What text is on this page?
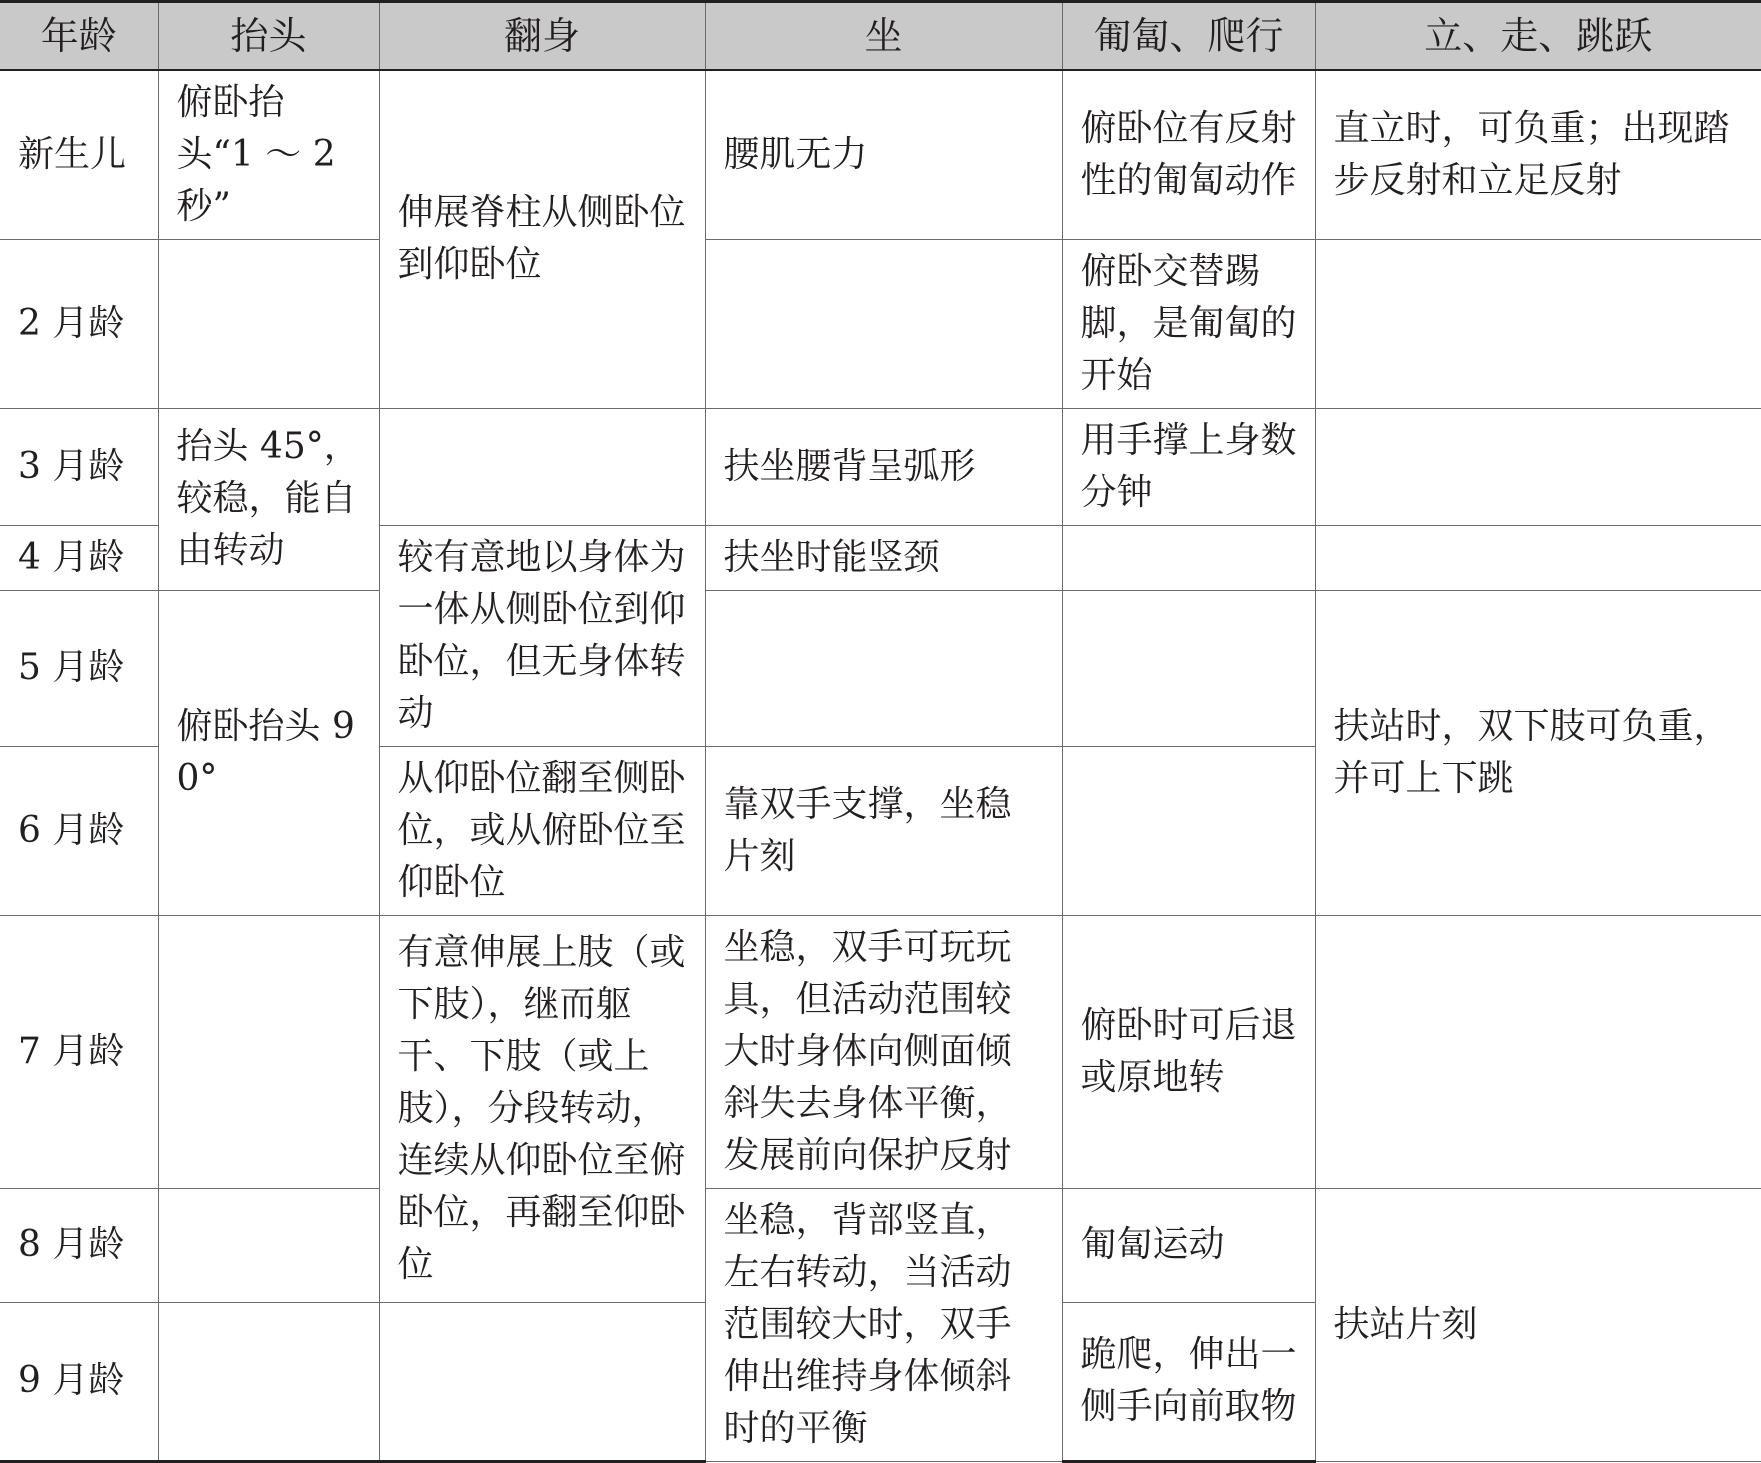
年龄	抬头	翻身	坐	匍匐、爬行	立、走、跳跃
新生儿	俯卧抬头“1 ～ 2 秒”	伸展脊柱从侧卧位到仰卧位	腰肌无力	俯卧位有反射性的匍匐动作	直立时，可负重；出现踏步反射和立足反射
2 月龄				俯卧交替踢脚，是匍匐的开始	
3 月龄	抬头 45°，较稳，能自由转动		扶坐腰背呈弧形	用手撑上身数分钟	
4 月龄		较有意地以身体为一体从侧卧位到仰卧位，但无身体转动	扶坐时能竖颈		
5 月龄	俯卧抬头 90°				扶站时，双下肢可负重，并可上下跳
6 月龄		从仰卧位翻至侧卧位，或从俯卧位至仰卧位	靠双手支撑，坐稳片刻		
7 月龄		有意伸展上肢（或下肢），继而躯干、下肢（或上肢），分段转动，连续从仰卧位至俯卧位，再翻至仰卧位	坐稳，双手可玩玩具，但活动范围较大时身体向侧面倾斜失去身体平衡，发展前向保护反射	俯卧时可后退或原地转	
8 月龄			坐稳，背部竖直，左右转动，当活动范围较大时，双手伸出维持身体倾斜时的平衡	匍匐运动	扶站片刻
9 月龄				跪爬，伸出一侧手向前取物	
